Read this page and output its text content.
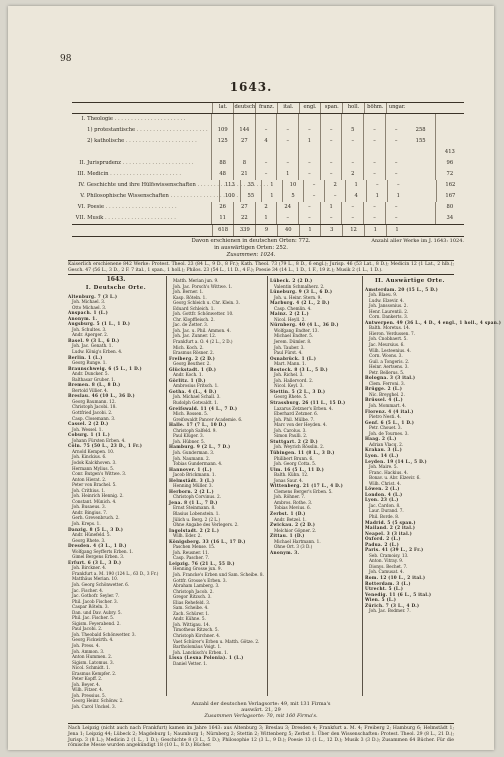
98
1643.
lat.	deutsch franz.	ital.	engl.	span.	holl.	böhm.	ungar.
I. Theologie . . .
1) protestantische . . .	109	144	–	–	–	–	5	–	–	258
2) katholische . . .	125	27	4	–	1	–	–	–	–	155
413
II. Jurisprudenz . . .	88	8	–	–	–	–	–	–	–	96
III. Medicin . . .	48	21	–	1	–	–	2	–	–	72
IV. Geschichte und ihre Hülfswissenschaften . . .	113	35	1	10	–	2	1	–	–	162
V. Philosophische Wissenschaften . . .	100	55	1	5	–	–	4	1	1	167
VI. Poesie . . .	26	27	2	24	–	1	–	–	–	80
VII. Musik . . .	11	22	1	–	–	–	–	–	–	34
618	339	9	40	1	3	12	1	1
Anzahl aller Werke im J. 1643: 1024.
Davon erschienen in deutschen Orten: 772.
in auswärtigen Orten: 252.
Zusammen: 1024.
Kaiserlich erschienene 842 Werke: Protest. Theol. 23 (84 L., 9 D., 8 Fr.); Kath. Theol. 73 (79 L., 8 D., 6 engl.); Jurisp. 46 (53 Lat., 8 D.); Medicin 12 (1 Lat., 2 hlb.); Gesch. 47 (56 L., 3 D., 2 F. 7 ital., 1 span., 1 holl.); Philos. 23 (54 L., 11 D., 4 F.); Poesie 34 (14 L., 1 D., 1 F., 19 it.); Musik 2 (1 L., 1 D.).
1643.
I. Deutsche Orte.
Altenburg. 7 (3 L.)
Joh. Michael. 3.
Otto Michael. 3.
Anspach. 1 (L.)
Anonym. 1.
Augsburg. 5 (1 L., 1 D.)
Joh. Schultes. 3.
Andr. Aperger. 2.
Basel. 9 (3 L., 6 D.)
Joh. Jac. Genath. 1.
Ludw. König's Erben. 4.
Berlin. 1 (L.)
Georg Runge. 1.
Braunschweig. 6 (5 L., 1 D.)
Andr. Duncker. 5.
Balthasar Gruber. 1.
Bremen. 8 (L., 8 D.)
Bertold Villier. 4.
Breslau. 46 (10 L., 36 D.)
Georg Baumann. 12.
Christoph Jacobi. 18.
Gottfried Jacobi. 2.
Casp. Closemann. 3.
Cassel. 2 (2 D.)
Joh. Wessel. 1.
Coburg. 1 (1 L.)
Johann Fürsten Erben. 4.
Cöln. 75 (50 L., 23 D., 1 Fr.)
Arnold Kempen. 10.
Joh. Kinckius. 6.
Jodok Kalckhoven. 3.
Hermann Mylius. 5.
Conr. Butgen's Wittwe. 3.
Anton Hierat. 2.
Peter von Brachel. 5.
Joh. Crithius. 1.
Joh. Heinrich Hennig. 2.
Constant. Münich. 4.
Joh. Busaeus. 3.
Andr. Bingius. 7.
Gerh. Grevenbruch. 2.
Joh. Kreps. 1.
Danzig. 8 (5 L., 3 D.)
Andr. Hünefeld. 5.
Georg Rhete. 3.
Dresden. 4 (3 L., 1 D.)
Wolfgang Seyfferts Erben. 1.
Gimel Bergens Erben. 3.
Erfurt. 6 (3 L., 3 D.)
Joh. Birckner. 4.
Frankfurt a. M. 190 (124 L., 63 D., 3 Fr.)
Matthäus Merian. 10.
Joh. Georg Schönwetter. 6.
Jac. Fischer. 4.
Jac. Gothofr. Seyler. 7.
Phil. Jacob Fischer. 3.
Caspar Röteln. 3.
Dan. und Dav. Aubry. 5.
Phil. Jac. Fischer. 5.
Sigism. Feyerabend. 2.
Paul Jacobi. 2.
Joh. Theobald Schönwetter. 3.
Georg Fickwirth. 4.
Joh. Press. 4.
Joh. Ammon. 3.
Anton Hummen. 2.
Sigism. Latomus. 3.
Nicol. Schmidt. 1.
Erasmus Kempfer. 2.
Peter Kopff. 2.
Joh. Beyer. 4.
Wilh. Fitzer. 4.
Joh. Pressius. 5.
Georg Heinr. Schönw. 2.
Joh. Carol Unckel. 3.
Matth. Merian jun. 9.
Joh. Jac. Porsch's Wittwe. 1.
Joh. Berner. 1.
Kasp. Röteln. 1.
Georg Schleich u. Chr. Klein. 3.
Eduard Schleich. 1.
Joh. Gottfr. Schönwetter. 10.
Chr. Klopffleisch. 2.
Jac. de Zetter. 3.
Joh. Jac. u. Phil. Ammon. 4.
Joh. Jac. Zunner. 12.
Frankfurt a. O. 4 (2 L., 2 D.)
Mich. Koch. 2.
Erasmus Rösner. 2.
Freiberg. 2 (2 D.)
Georg Beuther. 2.
Glückstadt. 1 (D.)
Andr. Koch. 1.
Görlitz. 1 (D.)
Ambrosius Fritsch. 1.
Gotha. 4 (L., 4 D.)
Joh. Michael Schall. 3.
Rudolph Gotwaldt. 1.
Greifswald. 11 (4 L., 7 D.)
Mich. Rossen. 5.
Greifswaldt Pancer Academie. 6.
Halle. 17 (7 L., 10 D.)
Christoph Salfeld. 9.
Paul Klüger. 3.
Joh. Hübner. 5.
Hamburg. 9 (2 L., 7 D.)
Joh. Gunderman. 3.
Joh. Naumann. 2.
Tobias Gundermann. 4.
Hannover. 1 (L.)
Jacob Brickmann. 1.
Helmstädt. 3 (L.)
Henning Müller. 3.
Herborn. 2 (2 L.)
Christoph Corvinus. 2.
Jena. 8 (1 L., 7 D.)
Ernst Steinmann. 8.
Blasius Lobenstein. 1.
Jülich u. Berg. 2 (2 L.)
Ohne Angabe des Verlegers. 2.
Ingolstadt. 2 (2 L.)
Wilh. Eder. 2.
Königsberg. 33 (16 L., 17 D.)
Paschen Mense. 15.
Joh. Reusner. 11.
Casp. Pascher. 7.
Leipzig. 76 (21 L., 55 D.)
Henning Grosse jun. 9.
Joh. Francke's Erben und Sam. Scheibe. 8.
Gottfr. Grosse's Erben. 3.
Abraham Lamberg. 3.
Christoph Jacob. 2.
Gregor Ritzsch. 3.
Elias Rehefeld. 3.
Sam. Scheibe. 4.
Zach. Schürer. 1.
Andr. Kühne. 5.
Joh. Wittigau. 14.
Timotheus Ritzsch. 5.
Christoph Kirchner. 4.
Vaet Schürer's Erben u. Matth. Götze. 2.
Bartholomäus Voigt. 1.
Joh. Lanckisch's Erben. 1.
Lissa (Lesna Polonia). 1 (L.)
Daniel Vetter. 1.
Lübeck. 2 (2 D.)
Valentin Schmalherz. 2.
Lüneburg. 9 (3 L., 6 D.)
Joh. u. Heinr. Stern. 9.
Marburg. 4 (2 L., 2 D.)
Casp. Chemlin. 4.
Mainz. 2 (2 L.)
Nicol. Heyll. 2.
Nürnberg. 40 (4 L., 36 D.)
Wolfgang Endter. 13.
Michael Endter. 5.
Jerem. Dümler. 8.
Joh. Tauber. 3.
Paul Fürst. 4.
Osnabrück. 1 (L.)
Mart. Mann. 1.
Rostock. 8 (3 L., 5 D.)
Joh. Richel. 3.
Joh. Hallervord. 2.
Nicol. Keyl. 3.
Stettin. 5 (2 L., 3 D.)
Georg Rhete. 5.
Strassburg. 26 (11 L., 15 D.)
Lazarus Zetzner's Erben. 4.
Eberhard Zetzner. 6.
Joh. Phil. Mülbe. 7.
Marc von der Heyden. 4.
Joh. Carolus. 3.
Simon Paulli. 2.
Stuttgart. 2 (2 D.)
Joh. Weyrich Rösslin. 2.
Tübingen. 11 (8 L., 3 D.)
Philibert Brunn. 6.
Joh. Georg Cotta. 5.
Ulm. 16 (5 L., 11 D.)
Balth. Kühn. 12.
Jonas Saur. 4.
Wittenberg. 21 (17 L., 4 D.)
Clemens Berger's Erben. 5.
Joh. Röhner. 7.
Ambros. Rothe. 3.
Tobias Mevius. 6.
Zerbst. 1 (D.)
Andr. Betzel. 1.
Zwickau. 2 (2 D.)
Melchior Göpner. 2.
Zittau. 1 (D.)
Michael Hartmann. 1.
Ohne Ort. 3 (3 D.)
Anonym. 3.
II. Auswärtige Orte.
Amsterdam. 20 (15 L., 5 D.)
Joh. Blaeu. 9.
Ludw. Elzevir. 4.
Joh. Janssonius. 2.
Henr. Laurentii. 2.
Corn. Dankerts. 3.
Antwerpen. 49 (36 L., 4 D., 4 engl., 1 holl., 4 span.)
Balth. Moretus. 14.
Hieron. Verdussen. 7.
Joh. Cnobbaert. 5.
Jac. Meursius. 6.
Wilh. Lesteenius. 4.
Corn. Woons. 3.
Guil. a Tongeris. 2.
Heinr. Aertsens. 3.
Petr. Bellerus. 5.
Bologna. 3 (3 ital.)
Clem. Ferroni. 3.
Brügge. 2 (L.)
Nic. Breyghel. 2.
Brüssel. 4 (L.)
Joh. Mommart. 4.
Florenz. 4 (4 ital.)
Pietro Nesti. 4.
Genf. 6 (5 L., 1 D.)
Petr. Chouet. 3.
Joh. de Tournes. 3.
Haag. 2 (L.)
Adrian Vlacq. 2.
Krakau. 3 (L.)
Lyon. 14 (L.)
Leyden. 19 (14 L., 5 D.)
Joh. Maire. 5.
Franc. Hackius. 4.
Bonav. u. Abr. Elzevir. 6.
Wilh. Christ. 4.
Löwen. 2 (L.)
London. 4 (L.)
Lyon. 23 (L.)
Jac. Cardon. 8.
Laur. Durand. 7.
Phil. Borde. 8.
Madrid. 5 (5 span.)
Mailand. 2 (2 ital.)
Neapel. 3 (3 ital.)
Oxford. 2 (L.)
Padua. 2 (L.)
Paris. 41 (39 L., 2 Fr.)
Seb. Cramoisy. 13.
Anton. Vitray. 9.
Dionys. Bechet. 7.
Joh. Camusat. 4.
Rom. 12 (10 L., 2 ital.)
Rotterdam. 3 (L.)
Utrecht. 5 (L.)
Venedig. 11 (6 L., 5 ital.)
Wien. 5 (L.)
Zürich. 7 (3 L., 4 D.)
Joh. Jac. Bodmer. 7.
Anzahl der deutschen Verlagsorte: 49, mit 131 Firma's
auswärt. 21, 29
Zusammen Verlagsorte: 70, mit 160 Firma's.
Nach Leipzig (nicht auch nach Frankfurt) kamen im Jahre 1643: aus Altenburg 3; Breslau 3; Dresden 4; Frankfurt a. M. 4; Freiberg 2; Hamburg 6; Helmstädt 1; Jena 1; Leipzig 44; Lübeck 2; Magdeburg 1; Naumburg 1; Nürnberg 2; Stettin 2; Wittenberg 5; Zerbst 1. Über den Wissenschaften: Protest. Theol. 29 (8 L., 21 D.); Jurisp. 3 (8 L.); Medicin 2 (1 L., 1 D.); Geschichte 8 (3 L., 5 D.); Philosophie 12 (3 L., 9 D.); Poesie 13 (1 L., 12 D.); Musik 3 (3 D.); Zusammen 64 Bücher. Für die römische Messe wurden angekündigt 18 (10 L., 8 D.) Bücher.
